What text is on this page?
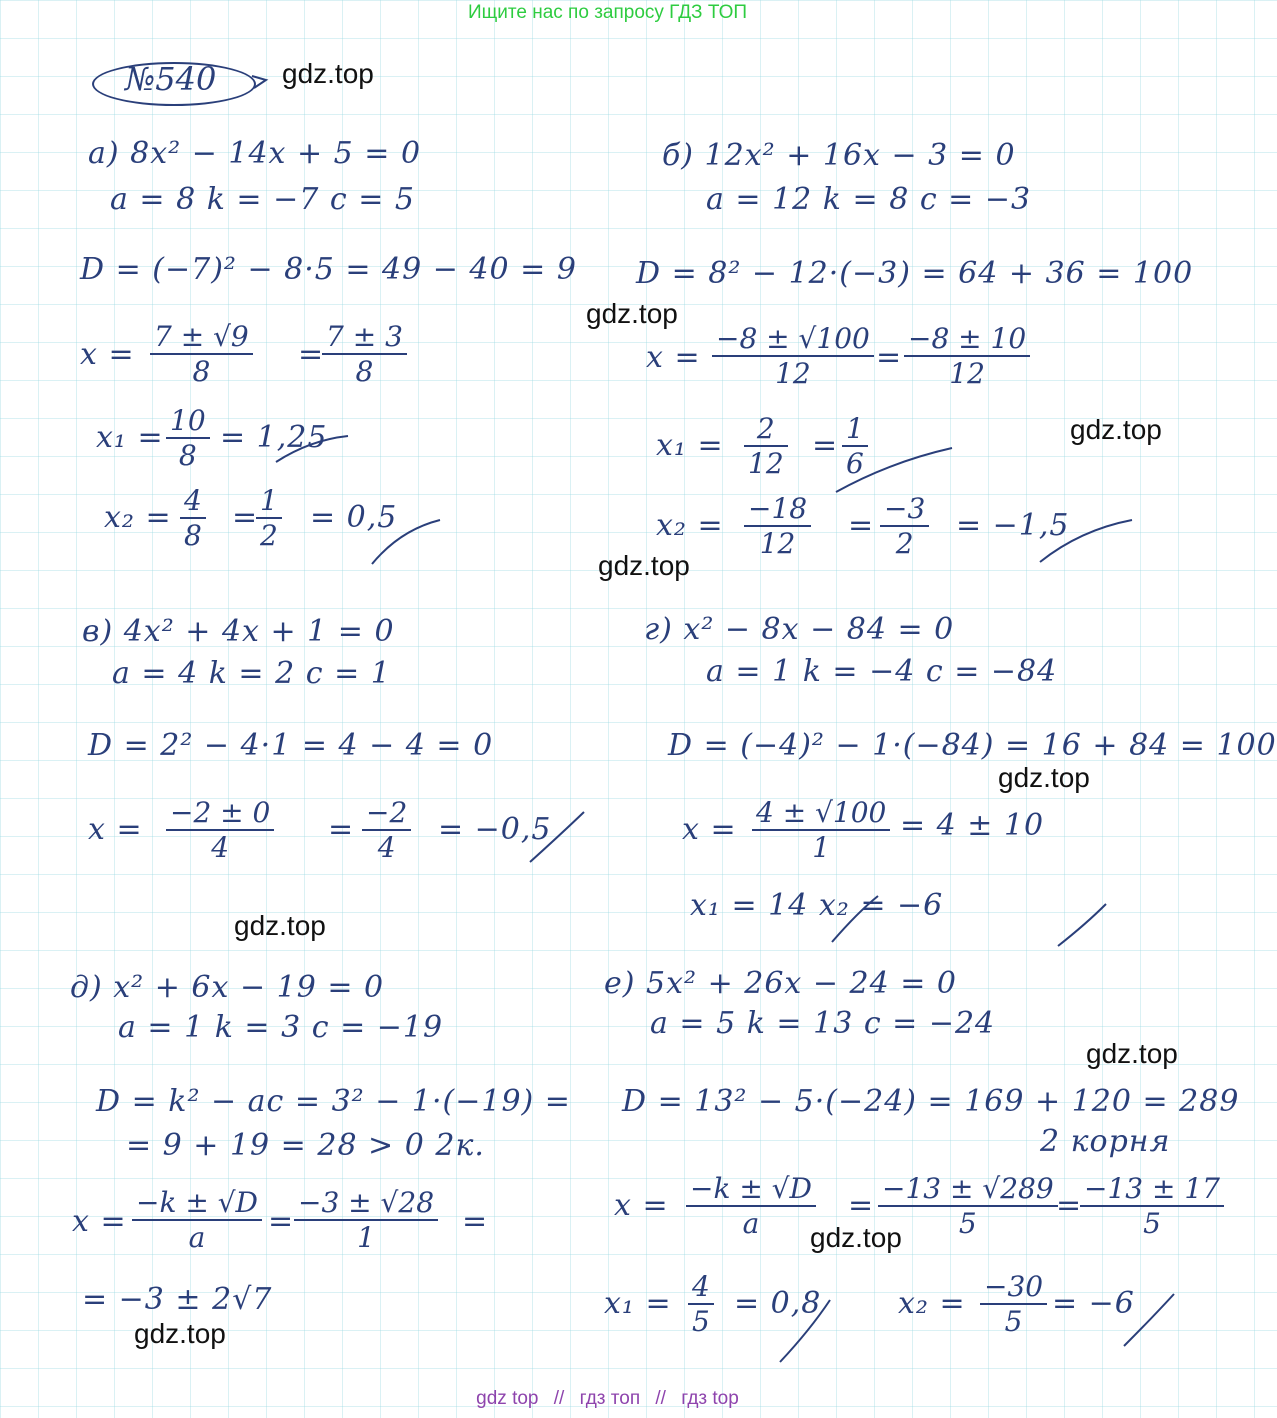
Ищите нас по запросу ГДЗ ТОП
gdz top // гдз топ // гдз top
№540 gdz.top
gdz.top
gdz.top
gdz.top
gdz.top
gdz.top
gdz.top
gdz.top
gdz.top
а) 8x² − 14x + 5 = 0
a = 8 k = −7 c = 5
D = (−7)² − 8·5 = 49 − 40 = 9
$x = \frac{7 \pm √9}{8}$ =
$\frac{7 \pm 3}{8}$
$x_1 = \frac{10}{8} = 1,25$
$x_2 = \frac{4}{8}$ =
$\frac{1}{2} = 0,5$
б) 12x² + 16x − 3 = 0
a = 12 k = 8 c = −3
D = 8² − 12·(−3) = 64 + 36 = 100
$x = \frac{-8 \pm √100}{12} = \frac{-8 \pm 10}{12}$
$x_1 = \frac{2}{12} = \frac{1}{6}$
$x_2 = \frac{-18}{12} = \frac{-3}{2} = -1,5$
в) 4x² + 4x + 1 = 0
a = 4 k = 2 c = 1
D = 2² − 4·1 = 4 − 4 = 0
$x = \frac{-2 \pm 0}{4} = \frac{-2}{4} = -0,5$
г) x² − 8x − 84 = 0
a = 1 k = −4 c = −84
D = (−4)² − 1·(−84) = 16 + 84 = 100
$x = \frac{4 \pm √100}{1} = 4 \pm 10$
x₁ = 14 x₂ = −6
д) x² + 6x − 19 = 0
a = 1 k = 3 c = −19
D = k² − ac = 3² − 1·(−19) =
= 9 + 19 = 28 > 0 2к.
$x = \frac{-k \pm √D}{a} = \frac{-3 \pm √28}{1}$ =
= −3 ± 2√7
е) 5x² + 26x − 24 = 0
a = 5 k = 13 c = −24
D = 13² − 5·(−24) = 169 + 120 = 289
2 корня
$x = \frac{-k \pm √D}{a} = \frac{-13 \pm √289}{5}$
=
$\frac{-13 \pm 17}{5}$
$x_1 = \frac{4}{5} = 0,8$	$x_2 = \frac{-30}{5} = -6$
